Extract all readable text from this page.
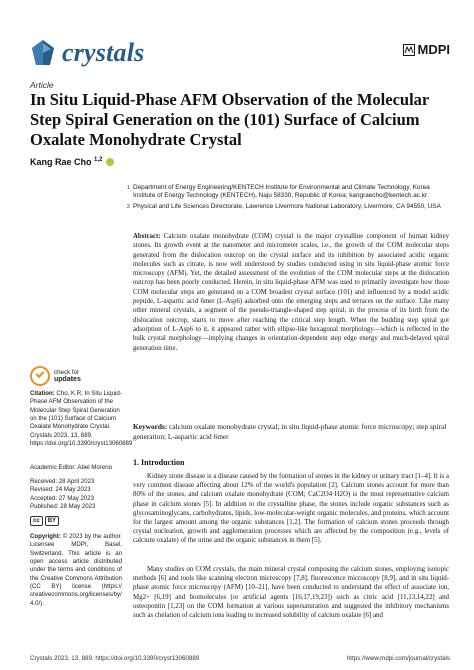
crystals	MDPI
Article
In Situ Liquid-Phase AFM Observation of the Molecular Step Spiral Generation on the (101) Surface of Calcium Oxalate Monohydrate Crystal
Kang Rae Cho $^{1,2}$
1 Department of Energy Engineering/KENTECH Institute for Environmental and Climate Technology, Korea Institute of Energy Technology (KENTECH), Naju 58330, Republic of Korea; kangraecho@kentech.ac.kr
2 Physical and Life Sciences Directorate, Lawrence Livermore National Laboratory, Livermore, CA 94550, USA
Abstract: Calcium oxalate monohydrate (COM) crystal is the major crystalline component of human kidney stones. Its growth event at the nanometer and micrometer scales, i.e., the growth of the COM molecular steps generated from the dislocation outcrop on the crystal surface and its inhibition by associated acidic organic molecules such as citrate, is now well understood by studies conducted using in situ liquid-phase atomic force microscopy (AFM). Yet, the detailed assessment of the evolution of the COM molecular steps at the dislocation outcrop has been poorly conducted. Herein, in situ liquid-phase AFM was used to primarily investigate how those COM molecular steps are generated on a COM broadest crystal surface (101) and influenced by a model acidic peptide, L-aspartic acid 6mer (L-Asp6) adsorbed onto the emerging steps and terraces on the surface. Like many other mineral crystals, a segment of the pseudo-triangle-shaped step spiral, in the process of its birth from the dislocation outcrop, starts to move after reaching the critical step length. When the budding step spiral got adsorption of L-Asp6 to it, it appeared rather with ellipse-like hexagonal morphology—which is reflected in the bulk crystal morphology—implying changes in orientation-dependent step edge energy and much-delayed spiral generation time.
Keywords: calcium oxalate monohydrate crystal; in situ liquid-phase atomic force microscopy; step spiral generation; L-aspartic acid 6mer
check for
updates
Citation: Cho, K.R. In Situ Liquid-Phase AFM Observation of the Molecular Step Spiral Generation on the (101) Surface of Calcium Oxalate Monohydrate Crystal. Crystals 2023, 13, 889. https://doi.org/10.3390/cryst13060889
Academic Editor: Abel Moreno
Received: 28 April 2023
Revised: 24 May 2023
Accepted: 27 May 2023
Published: 28 May 2023
cc	BY
Copyright: © 2023 by the author. Licensee MDPI, Basel, Switzerland. This article is an open access article distributed under the terms and conditions of the Creative Commons Attribution (CC BY) license (https:// creativecommons.org/licenses/by/ 4.0/).
1. Introduction
Kidney stone disease is a disease caused by the formation of stones in the kidney or urinary tract [1–4]. It is a very common disease affecting about 12% of the world's population [2]. Calcium stones account for more than 80% of the stones, and calcium oxalate monohydrate (COM; CaC2O4·H2O) is the most representative calcium phase in calcium stones [5]. In addition to the crystalline phase, the stones include organic substances such as glycosaminoglycans, carbohydrates, lipids, low-molecular-weight organic molecules, and proteins, which account for the largest amount among the organic substances [1,2]. The formation of calcium stones proceeds through crystal nucleation, growth and agglomeration processes which are affected by the composition (e.g., levels of calcium oxalate) of the urine and the organic substances in them [5].
Many studies on COM crystals, the main mineral crystal composing the calcium stones, employing isotopic methods [6] and tools like scanning electron microscopy [7,8], fluorescence microscopy [8,9], and in situ liquid-phase atomic force microscopy (AFM) [10–21], have been conducted to understand the effect of associate ion, Mg2+ [6,19] and biomolecules (or artificial agents [16,17,19,23]) such as citric acid [11,13,14,22] and osteopontin [1,23] on the COM formation at various supersaturation and suggested the inhibitory mechanisms such as chelation of calcium ions leading to increased solubility of calcium oxalate [6] and
Crystals 2023, 13, 889. https://doi.org/10.3390/cryst13060889	https://www.mdpi.com/journal/crystals
